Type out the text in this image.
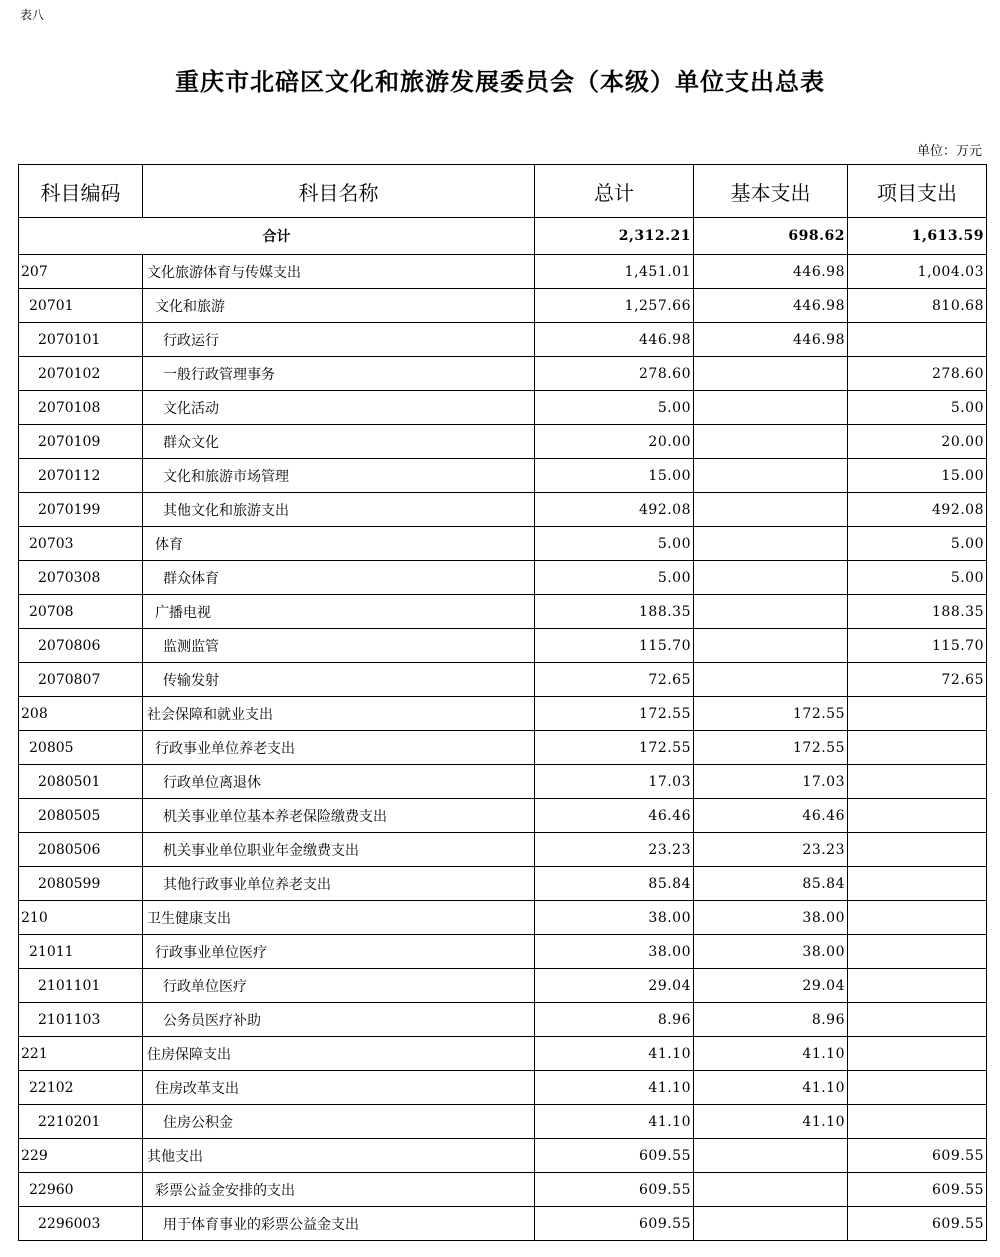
表八
重庆市北碚区文化和旅游发展委员会（本级）单位支出总表
单位：万元
科目编码	科目名称	总计	基本支出	项目支出
合计		2,312.21	698.62	1,613.59
207	文化旅游体育与传媒支出	1,451.01	446.98	1,004.03
20701	文化和旅游	1,257.66	446.98	810.68
2070101	行政运行	446.98	446.98	
2070102	一般行政管理事务	278.60		278.60
2070108	文化活动	5.00		5.00
2070109	群众文化	20.00		20.00
2070112	文化和旅游市场管理	15.00		15.00
2070199	其他文化和旅游支出	492.08		492.08
20703	体育	5.00		5.00
2070308	群众体育	5.00		5.00
20708	广播电视	188.35		188.35
2070806	监测监管	115.70		115.70
2070807	传输发射	72.65		72.65
208	社会保障和就业支出	172.55	172.55	
20805	行政事业单位养老支出	172.55	172.55	
2080501	行政单位离退休	17.03	17.03	
2080505	机关事业单位基本养老保险缴费支出	46.46	46.46	
2080506	机关事业单位职业年金缴费支出	23.23	23.23	
2080599	其他行政事业单位养老支出	85.84	85.84	
210	卫生健康支出	38.00	38.00	
21011	行政事业单位医疗	38.00	38.00	
2101101	行政单位医疗	29.04	29.04	
2101103	公务员医疗补助	8.96	8.96	
221	住房保障支出	41.10	41.10	
22102	住房改革支出	41.10	41.10	
2210201	住房公积金	41.10	41.10	
229	其他支出	609.55		609.55
22960	彩票公益金安排的支出	609.55		609.55
2296003	用于体育事业的彩票公益金支出	609.55		609.55
